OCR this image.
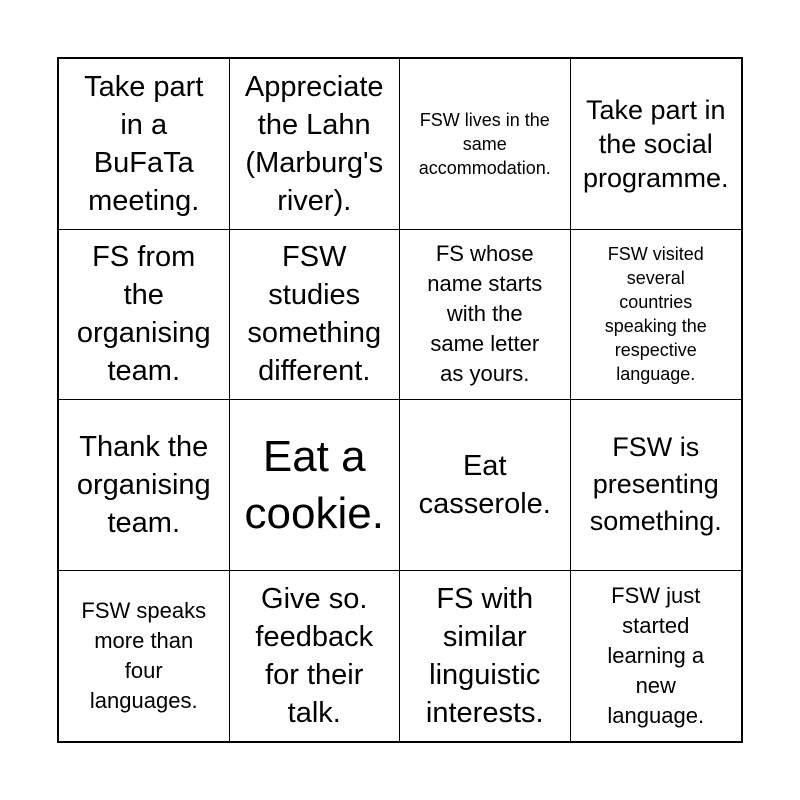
Take part
in a
BuFaTa
meeting.
Appreciate
the Lahn
(Marburg's
river).
FSW lives in the
same
accommodation.
Take part in
the social
programme.
FS from
the
organising
team.
FSW
studies
something
different.
FS whose
name starts
with the
same letter
as yours.
FSW visited
several
countries
speaking the
respective
language.
Thank the
organising
team.
Eat a
cookie.
Eat
casserole.
FSW is
presenting
something.
FSW speaks
more than
four
languages.
Give so.
feedback
for their
talk.
FS with
similar
linguistic
interests.
FSW just
started
learning a
new
language.
